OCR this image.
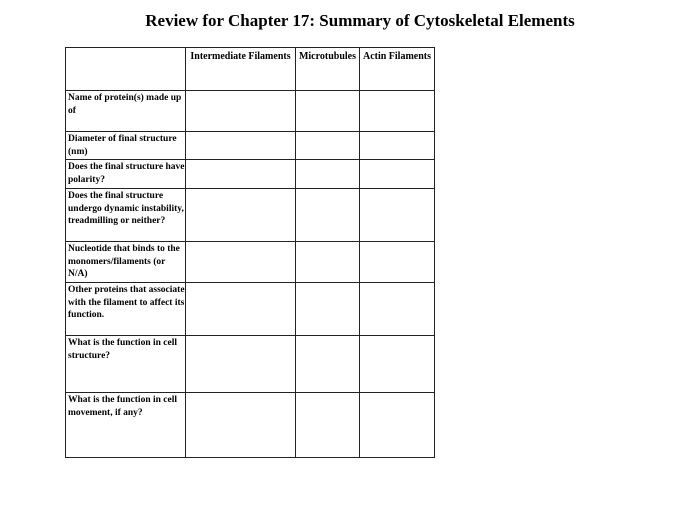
Review for Chapter 17: Summary of Cytoskeletal Elements
	Intermediate Filaments	Microtubules	Actin Filaments
Name of protein(s) made up of			
Diameter of final structure (nm)			
Does the final structure have polarity?			
Does the final structure undergo dynamic instability, treadmilling or neither?			
Nucleotide that binds to the monomers/filaments (or N/A)			
Other proteins that associate with the filament to affect its function.			
What is the function in cell structure?			
What is the function in cell movement, if any?			
